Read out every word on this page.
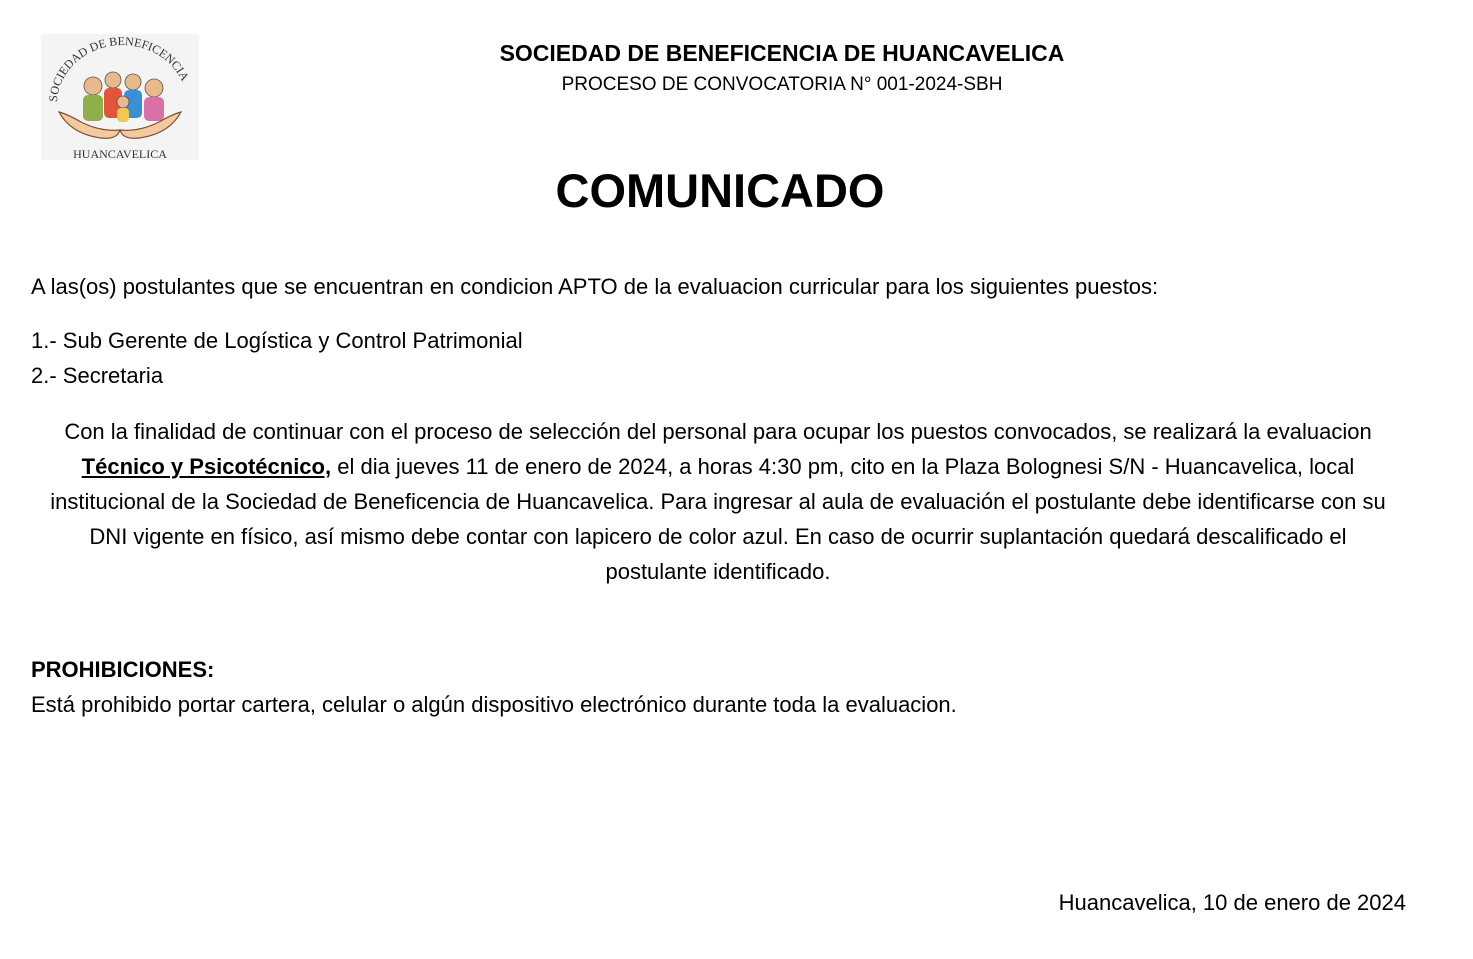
SOCIEDAD DE BENEFICENCIA
HUANCAVELICA
SOCIEDAD DE BENEFICENCIA DE HUANCAVELICA
PROCESO DE CONVOCATORIA N° 001-2024-SBH
COMUNICADO
A las(os) postulantes que se encuentran en condicion APTO de la evaluacion curricular para los siguientes puestos:
1.- Sub Gerente de Logística y Control Patrimonial
2.- Secretaria

Con la finalidad de continuar con el proceso de selección del personal para ocupar los puestos convocados, se realizará la evaluacion Técnico y Psicotécnico, el dia jueves 11 de enero de 2024, a horas 4:30 pm, cito en la Plaza Bolognesi S/N - Huancavelica, local institucional de la Sociedad de Beneficencia de Huancavelica. Para ingresar al aula de evaluación el postulante debe identificarse con su DNI vigente en físico, así mismo debe contar con lapicero de color azul. En caso de ocurrir suplantación quedará descalificado el postulante identificado.

PROHIBICIONES:
Está prohibido portar cartera, celular o algún dispositivo electrónico durante toda la evaluacion.
Huancavelica, 10 de enero de 2024
